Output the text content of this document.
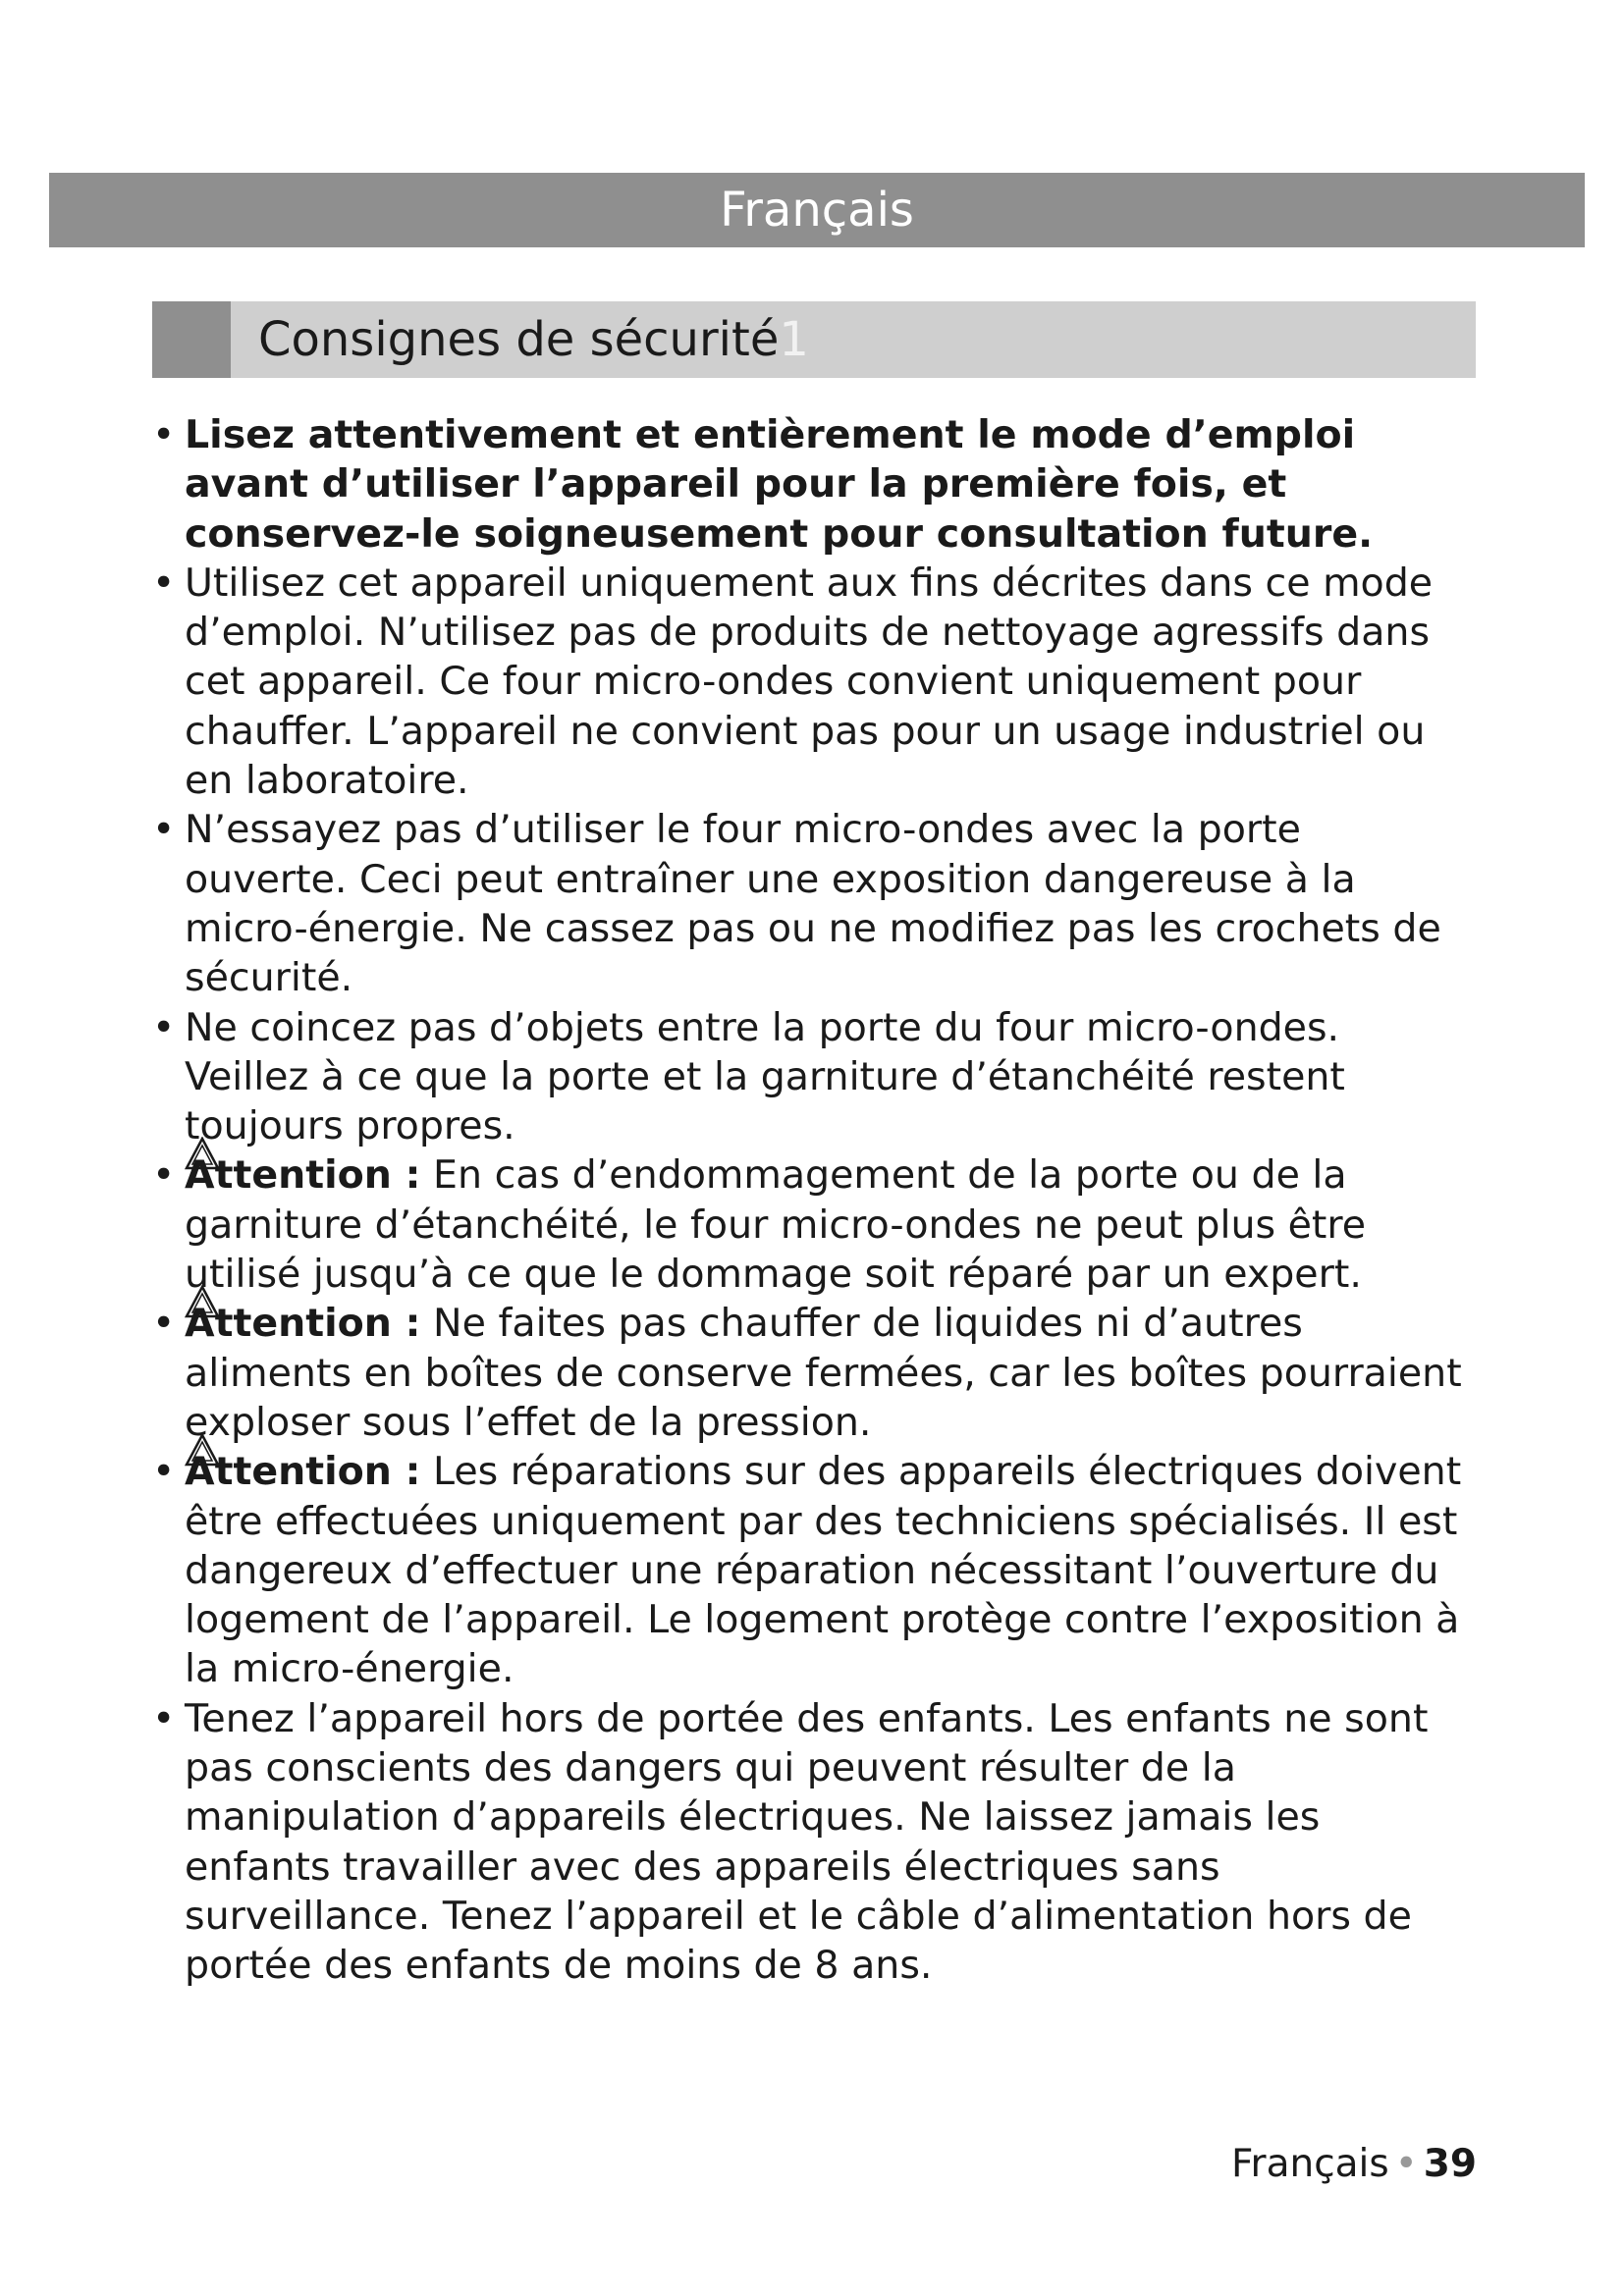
Français
Consignes de sécurité1
• Lisez attentivement et entièrement le mode d’emploi avant d’utiliser l’appareil pour la première fois, et conservez-le soigneusement pour consultation future.
• Utilisez cet appareil uniquement aux fins décrites dans ce mode d’emploi. N’utilisez pas de produits de nettoyage agressifs dans cet appareil. Ce four micro-ondes convient uniquement pour chauffer. L’appareil ne convient pas pour un usage industriel ou en laboratoire.
• N’essayez pas d’utiliser le four micro-ondes avec la porte ouverte. Ceci peut entraîner une exposition dangereuse à la micro-énergie. Ne cassez pas ou ne modifiez pas les crochets de sécurité.
• Ne coincez pas d’objets entre la porte du four micro-ondes. Veillez à ce que la porte et la garniture d’étanchéité restent toujours propres.
• Attention : En cas d’endommagement de la porte ou de la garniture d’étanchéité, le four micro-ondes ne peut plus être utilisé jusqu’à ce que le dommage soit réparé par un expert.
• Attention : Ne faites pas chauffer de liquides ni d’autres aliments en boîtes de conserve fermées, car les boîtes pourraient exploser sous l’effet de la pression.
• Attention : Les réparations sur des appareils électriques doivent être effectuées uniquement par des techniciens spécialisés. Il est dangereux d’effectuer une réparation nécessitant l’ouverture du logement de l’appareil. Le logement protège contre l’exposition à la micro-énergie.
• Tenez l’appareil hors de portée des enfants. Les enfants ne sont pas conscients des dangers qui peuvent résulter de la manipulation d’appareils électriques. Ne laissez jamais les enfants travailler avec des appareils électriques sans surveillance. Tenez l’appareil et le câble d’alimentation hors de portée des enfants de moins de 8 ans.
Français • 39
